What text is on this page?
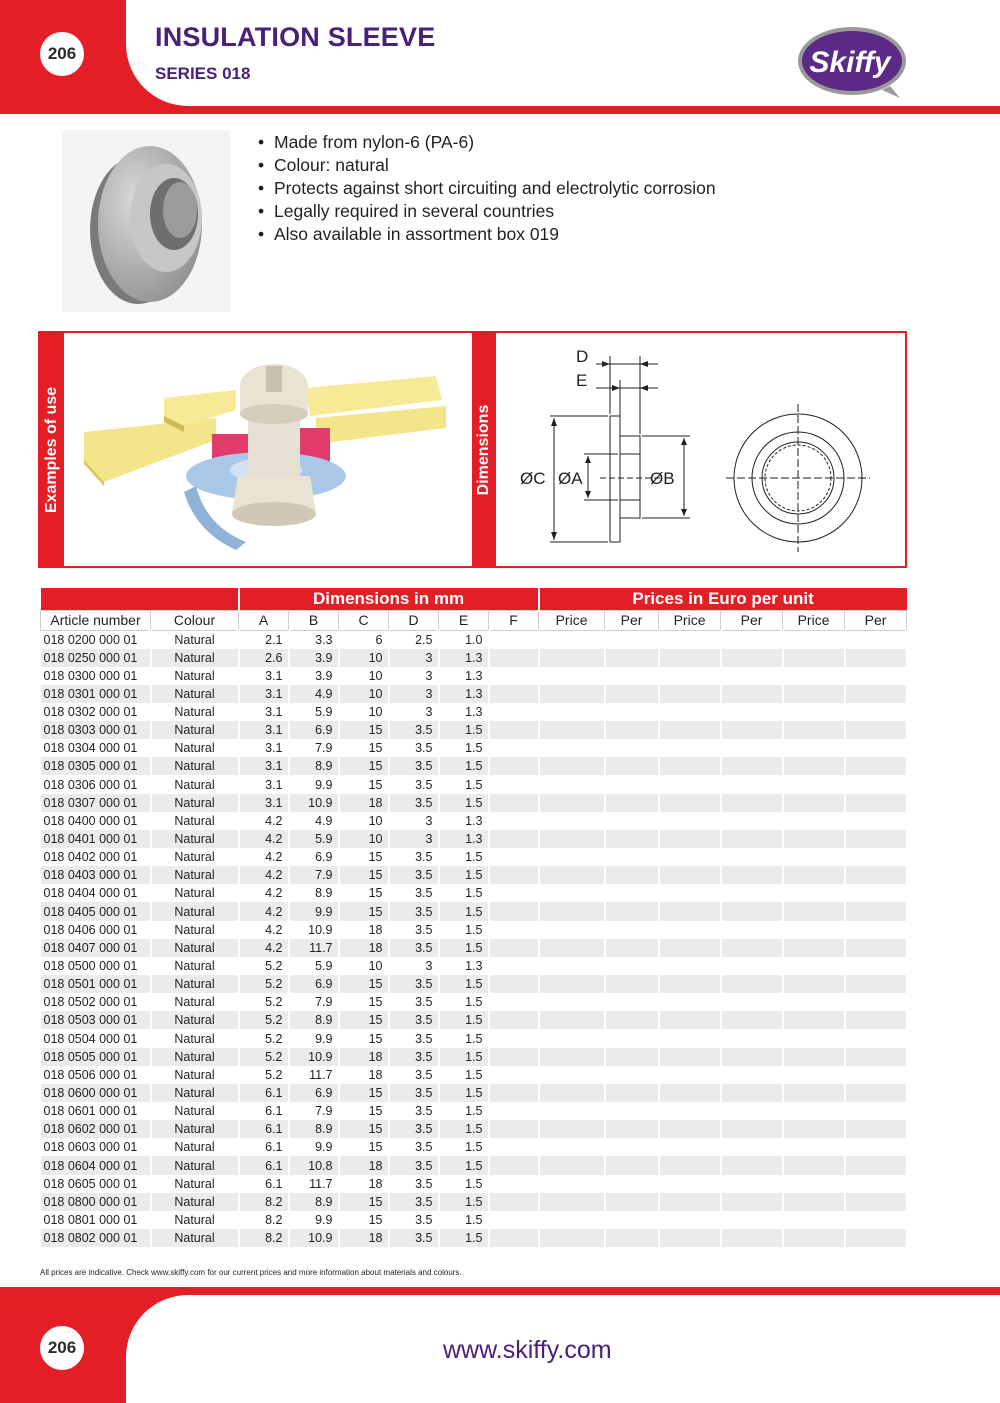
206
INSULATION SLEEVE
SERIES 018	Skiffy
• Made from nylon-6 (PA-6)
• Colour: natural
• Protects against short circuiting and electrolytic corrosion
• Legally required in several countries
• Also available in assortment box 019
Examples of use	Dimensions
D
E
ØC ØA	ØB
		Dimensions in mm						Prices in Euro per unit					
Article number	Colour	A	B	C	D	E	F	Price	Per	Price	Per	Price	Per
018 0200 000 01	Natural	2.1	3.3	6	2.5	1.0							
018 0250 000 01	Natural	2.6	3.9	10	3	1.3							
018 0300 000 01	Natural	3.1	3.9	10	3	1.3							
018 0301 000 01	Natural	3.1	4.9	10	3	1.3							
018 0302 000 01	Natural	3.1	5.9	10	3	1.3							
018 0303 000 01	Natural	3.1	6.9	15	3.5	1.5							
018 0304 000 01	Natural	3.1	7.9	15	3.5	1.5							
018 0305 000 01	Natural	3.1	8.9	15	3.5	1.5							
018 0306 000 01	Natural	3.1	9.9	15	3.5	1.5							
018 0307 000 01	Natural	3.1	10.9	18	3.5	1.5							
018 0400 000 01	Natural	4.2	4.9	10	3	1.3							
018 0401 000 01	Natural	4.2	5.9	10	3	1.3							
018 0402 000 01	Natural	4.2	6.9	15	3.5	1.5							
018 0403 000 01	Natural	4.2	7.9	15	3.5	1.5							
018 0404 000 01	Natural	4.2	8.9	15	3.5	1.5							
018 0405 000 01	Natural	4.2	9.9	15	3.5	1.5							
018 0406 000 01	Natural	4.2	10.9	18	3.5	1.5							
018 0407 000 01	Natural	4.2	11.7	18	3.5	1.5							
018 0500 000 01	Natural	5.2	5.9	10	3	1.3							
018 0501 000 01	Natural	5.2	6.9	15	3.5	1.5							
018 0502 000 01	Natural	5.2	7.9	15	3.5	1.5							
018 0503 000 01	Natural	5.2	8.9	15	3.5	1.5							
018 0504 000 01	Natural	5.2	9.9	15	3.5	1.5							
018 0505 000 01	Natural	5.2	10.9	18	3.5	1.5							
018 0506 000 01	Natural	5.2	11.7	18	3.5	1.5							
018 0600 000 01	Natural	6.1	6.9	15	3.5	1.5							
018 0601 000 01	Natural	6.1	7.9	15	3.5	1.5							
018 0602 000 01	Natural	6.1	8.9	15	3.5	1.5							
018 0603 000 01	Natural	6.1	9.9	15	3.5	1.5							
018 0604 000 01	Natural	6.1	10.8	18	3.5	1.5							
018 0605 000 01	Natural	6.1	11.7	18	3.5	1.5							
018 0800 000 01	Natural	8.2	8.9	15	3.5	1.5							
018 0801 000 01	Natural	8.2	9.9	15	3.5	1.5							
018 0802 000 01	Natural	8.2	10.9	18	3.5	1.5							
All prices are indicative. Check www.skiffy.com for our current prices and more information about materials and colours.
206	www.skiffy.com
